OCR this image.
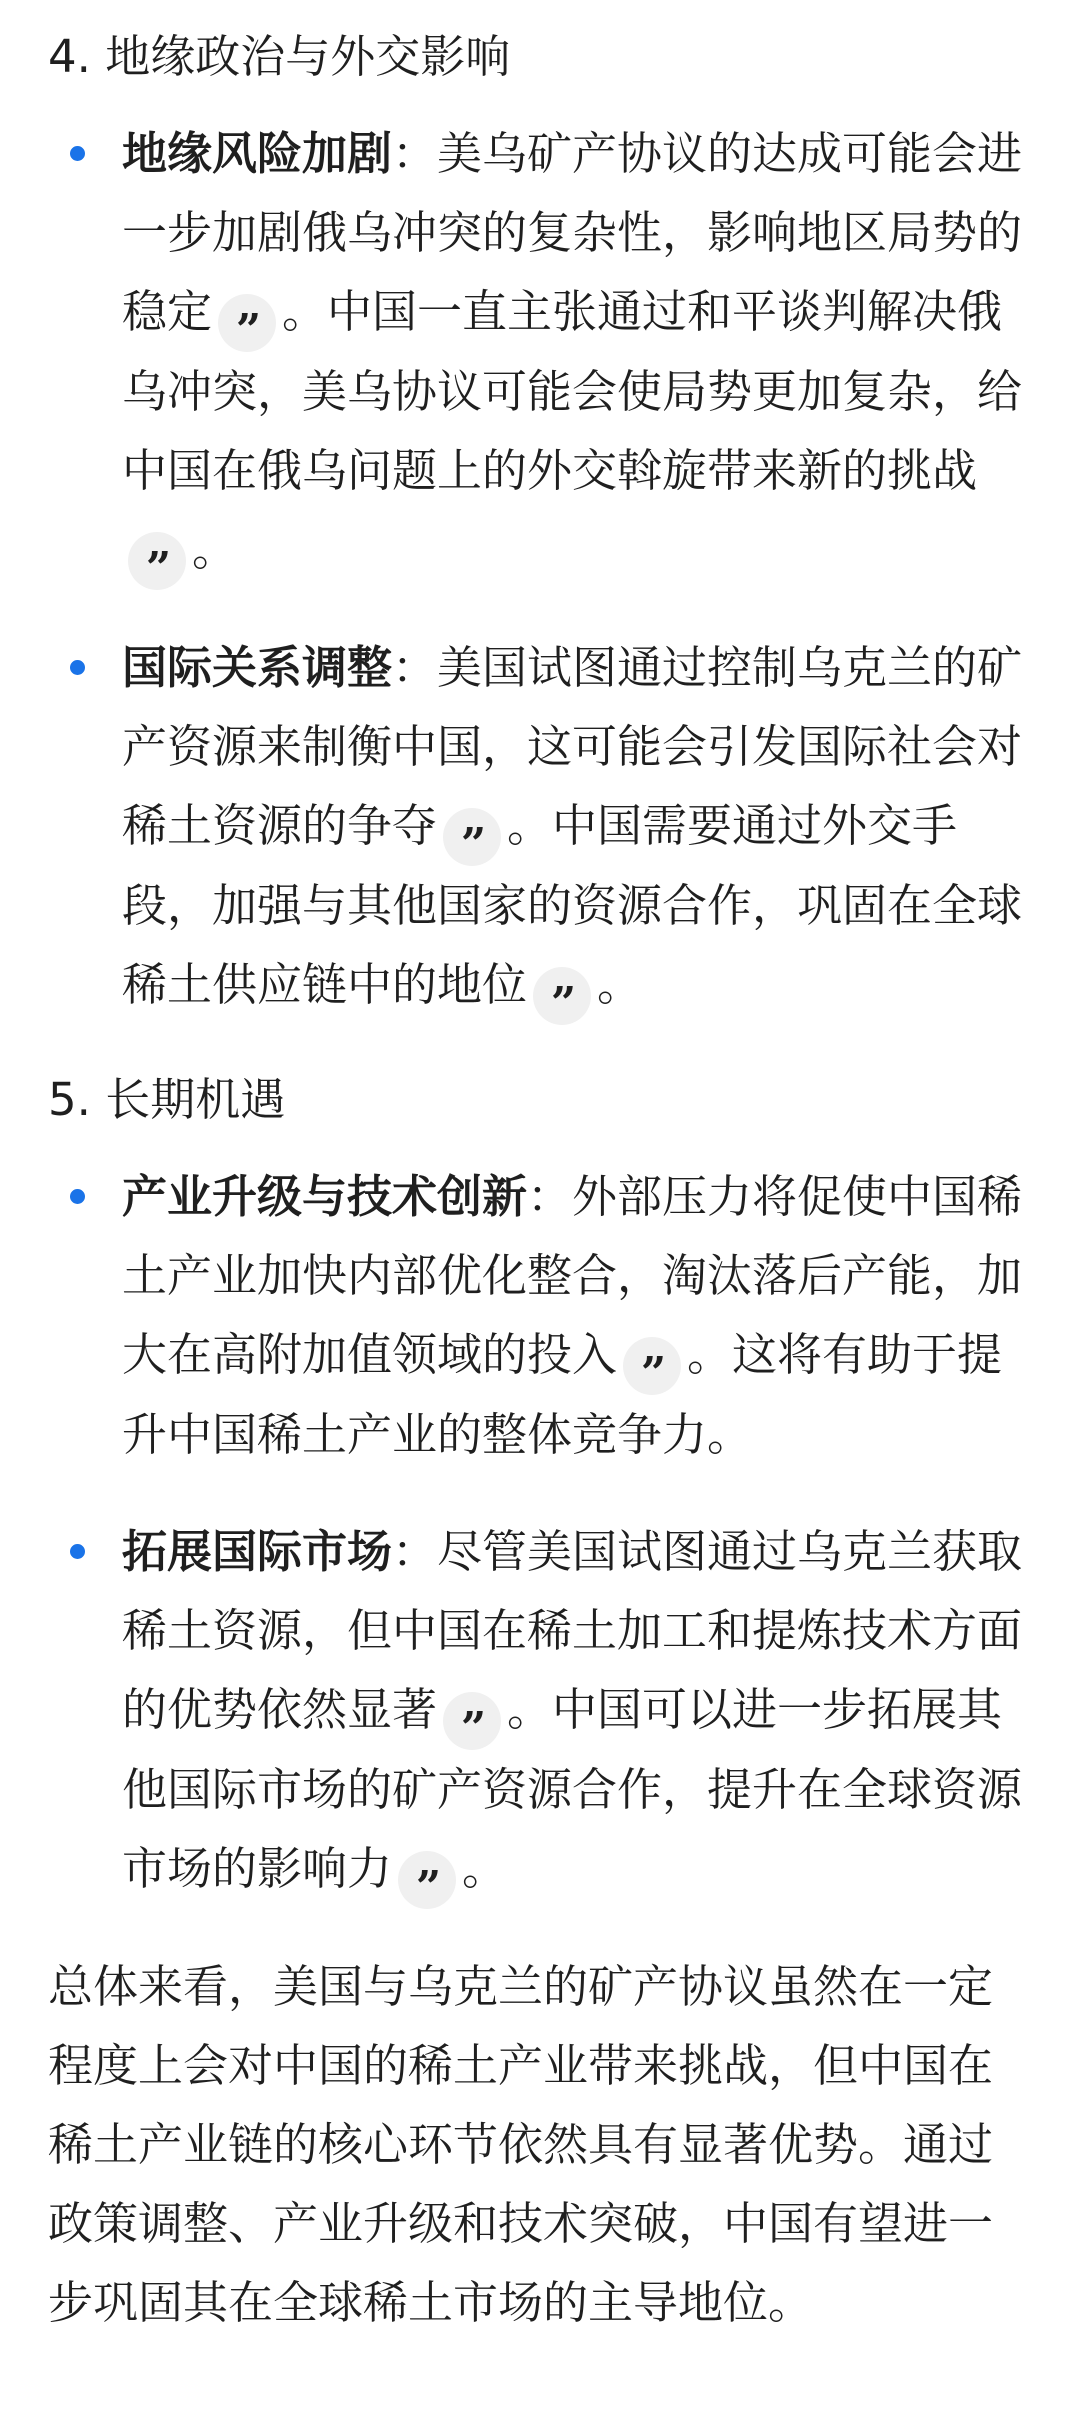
4. 地缘政治与外交影响
地缘风险加剧：美乌矿产协议的达成可能会进一步加剧俄乌冲突的复杂性，影响地区局势的稳定 ” 。中国一直主张通过和平谈判解决俄乌冲突，美乌协议可能会使局势更加复杂，给中国在俄乌问题上的外交斡旋带来新的挑战” 。
国际关系调整：美国试图通过控制乌克兰的矿产资源来制衡中国，这可能会引发国际社会对稀土资源的争夺 ” 。中国需要通过外交手段，加强与其他国家的资源合作，巩固在全球稀土供应链中的地位 ” 。
5. 长期机遇
产业升级与技术创新：外部压力将促使中国稀土产业加快内部优化整合，淘汰落后产能，加大在高附加值领域的投入 ” 。这将有助于提升中国稀土产业的整体竞争力。
拓展国际市场：尽管美国试图通过乌克兰获取稀土资源，但中国在稀土加工和提炼技术方面的优势依然显著 ” 。中国可以进一步拓展其他国际市场的矿产资源合作，提升在全球资源市场的影响力 ” 。

总体来看，美国与乌克兰的矿产协议虽然在一定程度上会对中国的稀土产业带来挑战，但中国在稀土产业链的核心环节依然具有显著优势。通过政策调整、产业升级和技术突破，中国有望进一步巩固其在全球稀土市场的主导地位。
